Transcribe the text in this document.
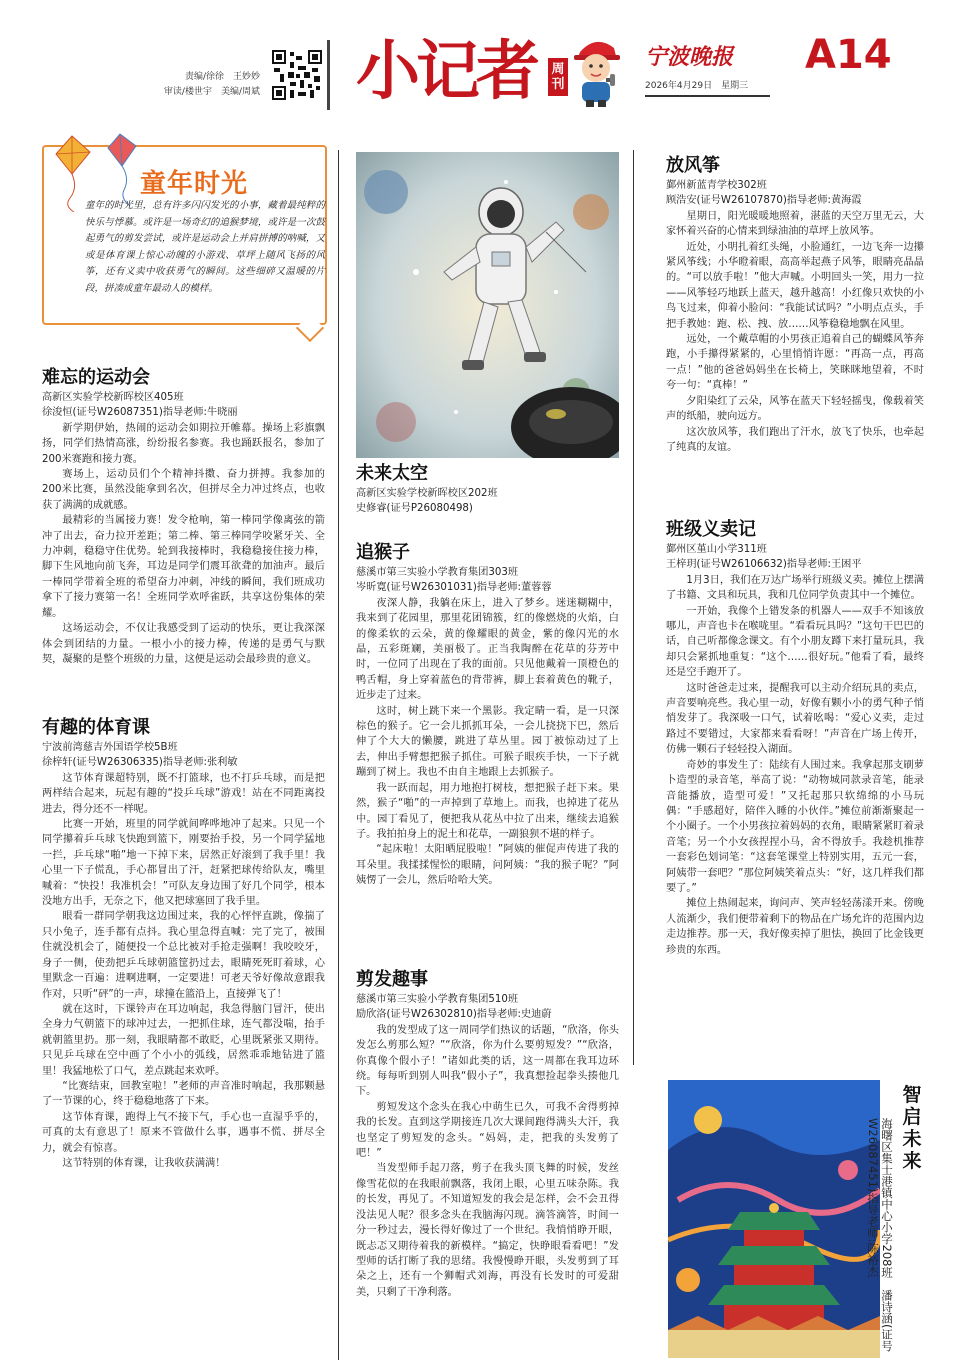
责编/徐徐　王妙妙
审读/楼世宇　美编/周斌 小记者 周刊
宁波晚报
2026年4月29日　星期三
A14
童年时光
童年的时光里，总有许多闪闪发光的小事，藏着最纯粹的快乐与悸慕。或许是一场奇幻的追猴梦境，或许是一次鼓起勇气的剪发尝试，或许是运动会上并肩拼搏的呐喊，又或是体育课上惊心动魄的小游戏、草坪上随风飞扬的风筝，还有义卖中收获勇气的瞬间。这些细碎又温暖的片段，拼凑成童年最动人的模样。
难忘的运动会
高新区实验学校新晖校区405班
徐浚恒(证号W26087351)指导老师:牛晓丽

新学期伊始，热闹的运动会如期拉开帷幕。操场上彩旗飘扬，同学们热情高涨，纷纷报名参赛。我也踊跃报名，参加了200米赛跑和接力赛。

赛场上，运动员们个个精神抖擞、奋力拼搏。我参加的200米比赛，虽然没能拿到名次，但拼尽全力冲过终点，也收获了满满的成就感。

最精彩的当属接力赛！发令枪响，第一棒同学像离弦的箭冲了出去，奋力拉开差距；第二棒、第三棒同学咬紧牙关、全力冲刺，稳稳守住优势。轮到我接棒时，我稳稳接住接力棒，脚下生风地向前飞奔，耳边是同学们震耳欲聋的加油声。最后一棒同学带着全班的希望奋力冲刺，冲线的瞬间，我们班成功拿下了接力赛第一名！全班同学欢呼雀跃，共享这份集体的荣耀。

这场运动会，不仅让我感受到了运动的快乐，更让我深深体会到团结的力量。一根小小的接力棒，传递的是勇气与默契，凝聚的是整个班级的力量，这便是运动会最珍贵的意义。

有趣的体育课
宁波前湾慈吉外国语学校5B班
徐梓轩(证号W26306335)指导老师:张利敏

这节体育课超特别，既不打篮球，也不打乒乓球，而是把两样结合起来，玩起有趣的“投乒乓球”游戏！站在不同距离投进去，得分还不一样呢。

比赛一开始，班里的同学就间哗哗地冲了起来。只见一个同学攥着乒乓球飞快跑到篮下，刚要抬手投，另一个同学猛地一拦，乒乓球“啪”地一下掉下来，居然正好滚到了我手里！我心里一下子慌乱，手心都冒出了汗，赶紧把球传给队友，嘴里喊着：“快投！我准机会！”可队友身边围了好几个同学，根本没地方出手，无奈之下，他又把球塞回了我手里。

眼看一群同学朝我这边围过来，我的心怦怦直跳，像揣了只小兔子，连手都有点抖。我心里急得直喊：完了完了，被围住就没机会了，随便投一个总比被对手抢走强啊！我咬咬牙，身子一侧，使劲把乒乓球朝篮筐扔过去，眼睛死死盯着球，心里默念一百遍：进啊进啊，一定要进！可老天爷好像故意跟我作对，只听“砰”的一声，球撞在篮沿上，直接弹飞了！

就在这时，下课铃声在耳边响起，我急得脑门冒汗，使出全身力气朝篮下的球冲过去，一把抓住球，连气都没喘，抬手就朝篮里扔。那一刻，我眼睛都不敢眨，心里既紧张又期待。只见乒乓球在空中画了个小小的弧线，居然乖乖地钻进了篮里！我猛地松了口气，差点跳起来欢呼。

“比赛结束，回教室啦！”老师的声音准时响起，我那颗悬了一节课的心，终于稳稳地落了下来。

这节体育课，跑得上气不接下气，手心也一直湿乎乎的，可真的太有意思了！原来不管做什么事，遇事不慌、拼尽全力，就会有惊喜。

这节特别的体育课，让我收获满满！

未来太空
高新区实验学校新晖校区202班
史修睿(证号P26080498)
追猴子
慈溪市第三实验小学教育集团303班
岑昕寛(证号W26301031)指导老师:董蓉蓉

夜深人静，我躺在床上，进入了梦乡。迷迷糊糊中，我来到了花园里，那里花团锦簇，红的像燃烧的火焰，白的像柔软的云朵，黄的像耀眼的黄金，紫的像闪光的水晶，五彩斑斓，美丽极了。正当我陶醉在花草的芬芳中时，一位同了出现在了我的面前。只见他戴着一顶橙色的鸭舌帽，身上穿着蓝色的背带裤，脚上套着黄色的靴子，近步走了过来。

这时，树上跳下来一个黑影。我定睛一看，是一只深棕色的猴子。它一会儿抓抓耳朵，一会儿挠挠下巴，然后伸了个大大的懒腰，跳进了草丛里。园丁被惊动过了上去，伸出手臂想把猴子抓住。可猴子眼疾手快，一下子就蹦到了树上。我也不由自主地跟上去抓猴子。

我一跃而起，用力地抱打树枝，想把猴子赶下来。果然，猴子“啪”的一声掉到了草地上。而我，也掉进了花丛中。园丁看见了，便把我从花丛中拉了出来，继续去追猴子。我拍拍身上的泥土和花草，一副狼狈不堪的样子。

“起床啦！太阳晒屁股啦！”阿姨的催促声传进了我的耳朵里。我揉揉惺忪的眼睛，问阿姨：“我的猴子呢？”阿姨愣了一会儿，然后哈哈大笑。

剪发趣事
慈溪市第三实验小学教育集团510班
励欣洛(证号W26302810)指导老师:史迪蔚

我的发型成了这一周同学们热议的话题，“欣洛，你头发怎么剪那么短？”“欣洛，你为什么要剪短发？”“欣洛，你真像个假小子！”诸如此类的话，这一周都在我耳边环绕。每每听到别人叫我“假小子”，我真想捡起拳头揍他几下。

剪短发这个念头在我心中萌生已久，可我不舍得剪掉我的长发。直到这学期接连几次大课间跑得满头大汗，我也坚定了剪短发的念头。“妈妈，走，把我的头发剪了吧！”

当发型师手起刀落，剪子在我头顶飞舞的时候，发丝像雪花似的在我眼前飘落，我闭上眼，心里五味杂陈。我的长发，再见了。不知道短发的我会是怎样，会不会丑得没法见人呢？很多念头在我脑海闪现。滴答滴答，时间一分一秒过去，漫长得好像过了一个世纪。我悄悄睁开眼，既忐忑又期待着我的新模样。“搞定，快睁眼看看吧！”发型师的话打断了我的思绪。我慢慢睁开眼，头发剪到了耳朵之上，还有一个狮帽式刘海，再没有长发时的可爱甜美，只剩了干净利落。

放风筝
鄞州新蓝青学校302班
顾浩安(证号W26107870)指导老师:黄海霞

星期日，阳光暖暖地照着，湛蓝的天空万里无云，大家怀着兴奋的心情来到绿油油的草坪上放风筝。

近处，小明扎着红头绳，小脸通红，一边飞奔一边攥紧风筝线；小华瞪着眼，高高举起燕子风筝，眼睛亮晶晶的。“可以放手啦！”他大声喊。小明回头一笑，用力一拉——风筝轻巧地跃上蓝天，越升越高！小红像只欢快的小鸟飞过来，仰着小脸问：“我能试试吗？”小明点点头，手把手教她：跑、松、拽、放……风筝稳稳地飘在风里。

远处，一个戴草帽的小男孩正追着自己的蝴蝶风筝奔跑，小手攥得紧紧的，心里悄悄许愿：“再高一点，再高一点！”他的爸爸妈妈坐在长椅上，笑眯眯地望着，不时夸一句：“真棒！”

夕阳染红了云朵，风筝在蓝天下轻轻摇曳，像载着笑声的纸船，驶向远方。

这次放风筝，我们跑出了汗水，放飞了快乐，也牵起了纯真的友谊。

班级义卖记
鄞州区堇山小学311班
王梓玥(证号W26106632)指导老师:王困平

1月3日，我们在万达广场举行班级义卖。摊位上摆满了书籍、文具和玩具，我和几位同学负责其中一个摊位。

一开始，我像个上错发条的机器人——双手不知该放哪儿，声音也卡在喉咙里。“看看玩具吗？”这句干巴巴的话，自己听都像念课文。有个小朋友蹲下来打量玩具，我却只会紧抓地重复：“这个……很好玩。”他看了看，最终还是空手跑开了。

这时爸爸走过来，提醒我可以主动介绍玩具的卖点，声音要响亮些。我心里一动，好像有颗小小的勇气种子悄悄发芽了。我深吸一口气，试着吆喝：“爱心义卖，走过路过不要错过，大家都来看看呀！”声音在广场上传开，仿佛一颗石子轻轻投入湖面。

奇妙的事发生了：陆续有人围过来。我拿起那支刷萝卜造型的录音笔，举高了说：“动物城同款录音笔，能录音能播放，造型可爱！”又托起那只软绵绵的小马玩偶：“手感超好，陪伴入睡的小伙伴。”摊位前渐渐聚起一个小圈子。一个小男孩拉着妈妈的衣角，眼睛紧紧盯着录音笔；另一个小女孩捏捏小马，舍不得放手。我趁机推荐一套彩色划词笔：“这套笔课堂上特别实用，五元一套，阿姨带一套吧？”那位阿姨笑着点头：“好，这几样我们都要了。”

摊位上热闹起来，询问声、笑声轻轻荡漾开来。傍晚人流渐少，我们便带着剩下的物品在广场允许的范围内边走边推荐。那一天，我好像卖掉了胆怯，换回了比金钱更珍贵的东西。

智启未来
海曙区集士港镇中心小学208班　潘诗涵(证号W26087451)指导老师:陈裕杰
